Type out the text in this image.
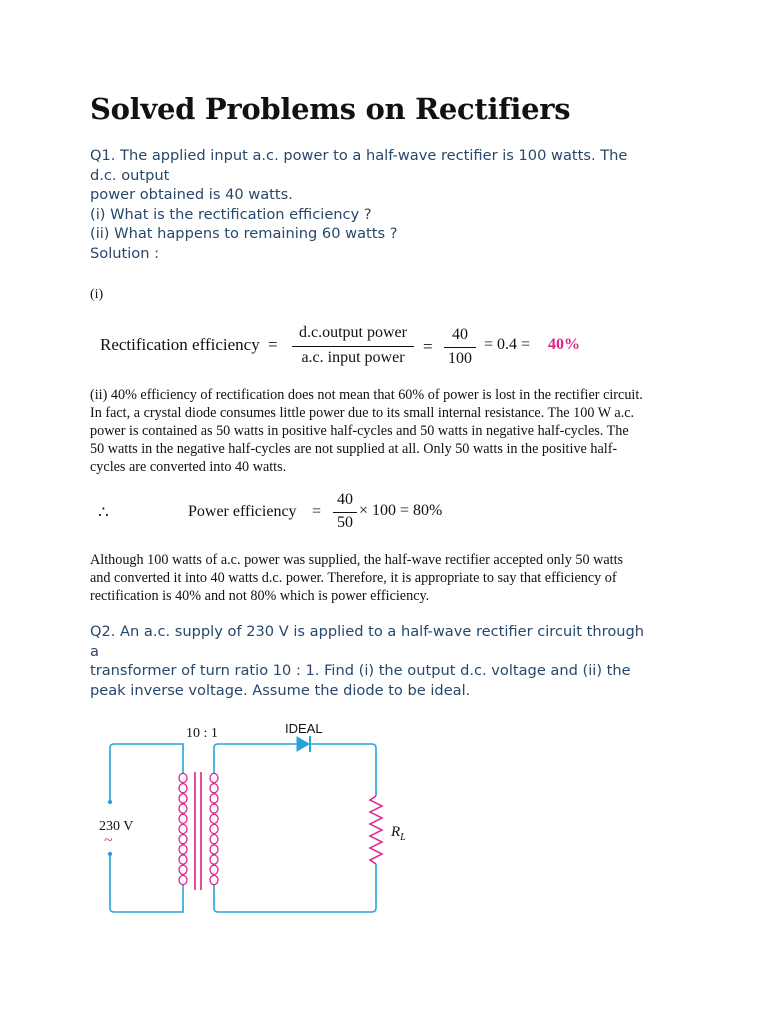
Solved Problems on Rectifiers
Q1. The applied input a.c. power to a half-wave rectifier is 100 watts. The
d.c. output
power obtained is 40 watts.
(i) What is the rectification efficiency ?
(ii) What happens to remaining 60 watts ?
Solution :
(i)
Rectification efficiency =
d.c.output power
a.c. input power
=
40
100
= 0.4 = 40%
(ii) 40% efficiency of rectification does not mean that 60% of power is lost in the rectifier circuit.
In fact, a crystal diode consumes little power due to its small internal resistance. The 100 W a.c.
power is contained as 50 watts in positive half-cycles and 50 watts in negative half-cycles. The
50 watts in the negative half-cycles are not supplied at all. Only 50 watts in the positive half-
cycles are converted into 40 watts.
∴	Power efficiency =
40
50
× 100 = 80%
Although 100 watts of a.c. power was supplied, the half-wave rectifier accepted only 50 watts
and converted it into 40 watts d.c. power. Therefore, it is appropriate to say that efficiency of
rectification is 40% and not 80% which is power efficiency.
Q2. An a.c. supply of 230 V is applied to a half-wave rectifier circuit through
a
transformer of turn ratio 10 : 1. Find (i) the output d.c. voltage and (ii) the
peak inverse voltage. Assume the diode to be ideal.
10 : 1	IDEAL
230 V
~	$R_L$
